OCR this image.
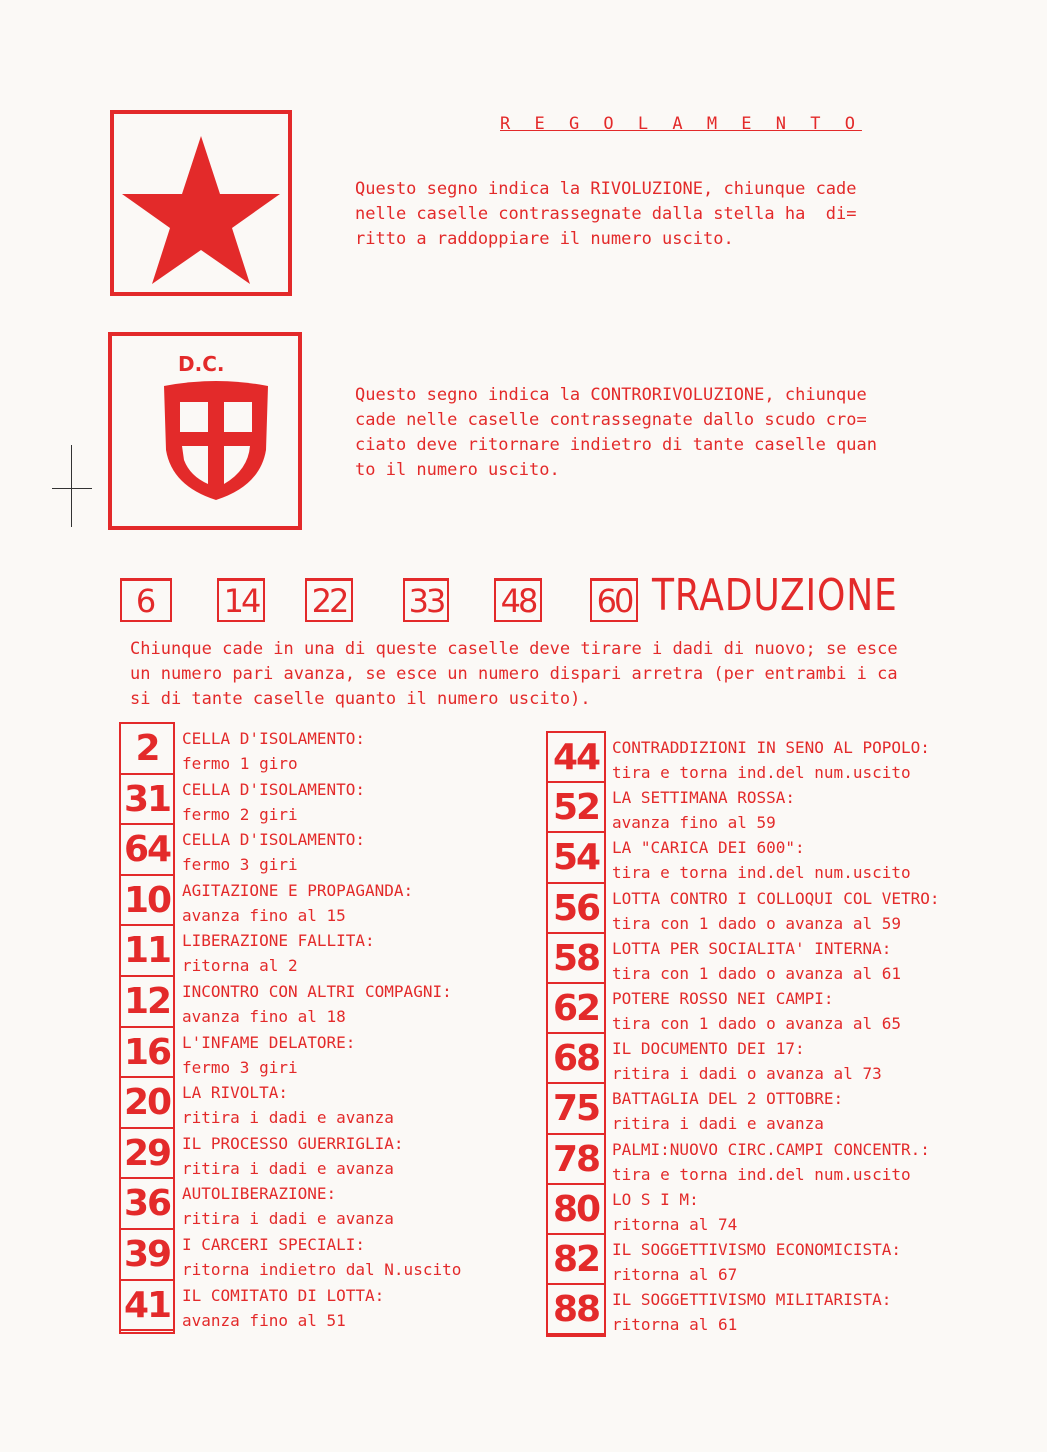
R E G O L A M E N T O
Questo segno indica la RIVOLUZIONE, chiunque cade
nelle caselle contrassegnate dalla stella ha  di=
ritto a raddoppiare il numero uscito.
D.C.
Questo segno indica la CONTRORIVOLUZIONE, chiunque
cade nelle caselle contrassegnate dallo scudo cro=
ciato deve ritornare indietro di tante caselle quan
to il numero uscito.
6	14 22 33 48 60 TRADUZIONE
Chiunque cade in una di queste caselle deve tirare i dadi di nuovo; se esce
un numero pari avanza, se esce un numero dispari arretra (per entrambi i ca
si di tante caselle quanto il numero uscito).
2	CELLA D'ISOLAMENTO:
fermo 1 giro
31 CELLA D'ISOLAMENTO:
fermo 2 giri
64 CELLA D'ISOLAMENTO:
fermo 3 giri
10 AGITAZIONE E PROPAGANDA:
avanza fino al 15
11 LIBERAZIONE FALLITA:
ritorna al 2
12 INCONTRO CON ALTRI COMPAGNI:
avanza fino al 18
16 L'INFAME DELATORE:
fermo 3 giri
20 LA RIVOLTA:
ritira i dadi e avanza
29 IL PROCESSO GUERRIGLIA:
ritira i dadi e avanza
36 AUTOLIBERAZIONE:
ritira i dadi e avanza
39 I CARCERI SPECIALI:
ritorna indietro dal N.uscito
41 IL COMITATO DI LOTTA:
avanza fino al 51
44 CONTRADDIZIONI IN SENO AL POPOLO:
tira e torna ind.del num.uscito
52 LA SETTIMANA ROSSA:
avanza fino al 59
54 LA "CARICA DEI 600":
tira e torna ind.del num.uscito
56 LOTTA CONTRO I COLLOQUI COL VETRO:
tira con 1 dado o avanza al 59
58 LOTTA PER SOCIALITA' INTERNA:
tira con 1 dado o avanza al 61
62 POTERE ROSSO NEI CAMPI:
tira con 1 dado o avanza al 65
68 IL DOCUMENTO DEI 17:
ritira i dadi o avanza al 73
75 BATTAGLIA DEL 2 OTTOBRE:
ritira i dadi e avanza
78 PALMI:NUOVO CIRC.CAMPI CONCENTR.:
tira e torna ind.del num.uscito
80 LO S I M:
ritorna al 74
82 IL SOGGETTIVISMO ECONOMICISTA:
ritorna al 67
88 IL SOGGETTIVISMO MILITARISTA:
ritorna al 61
